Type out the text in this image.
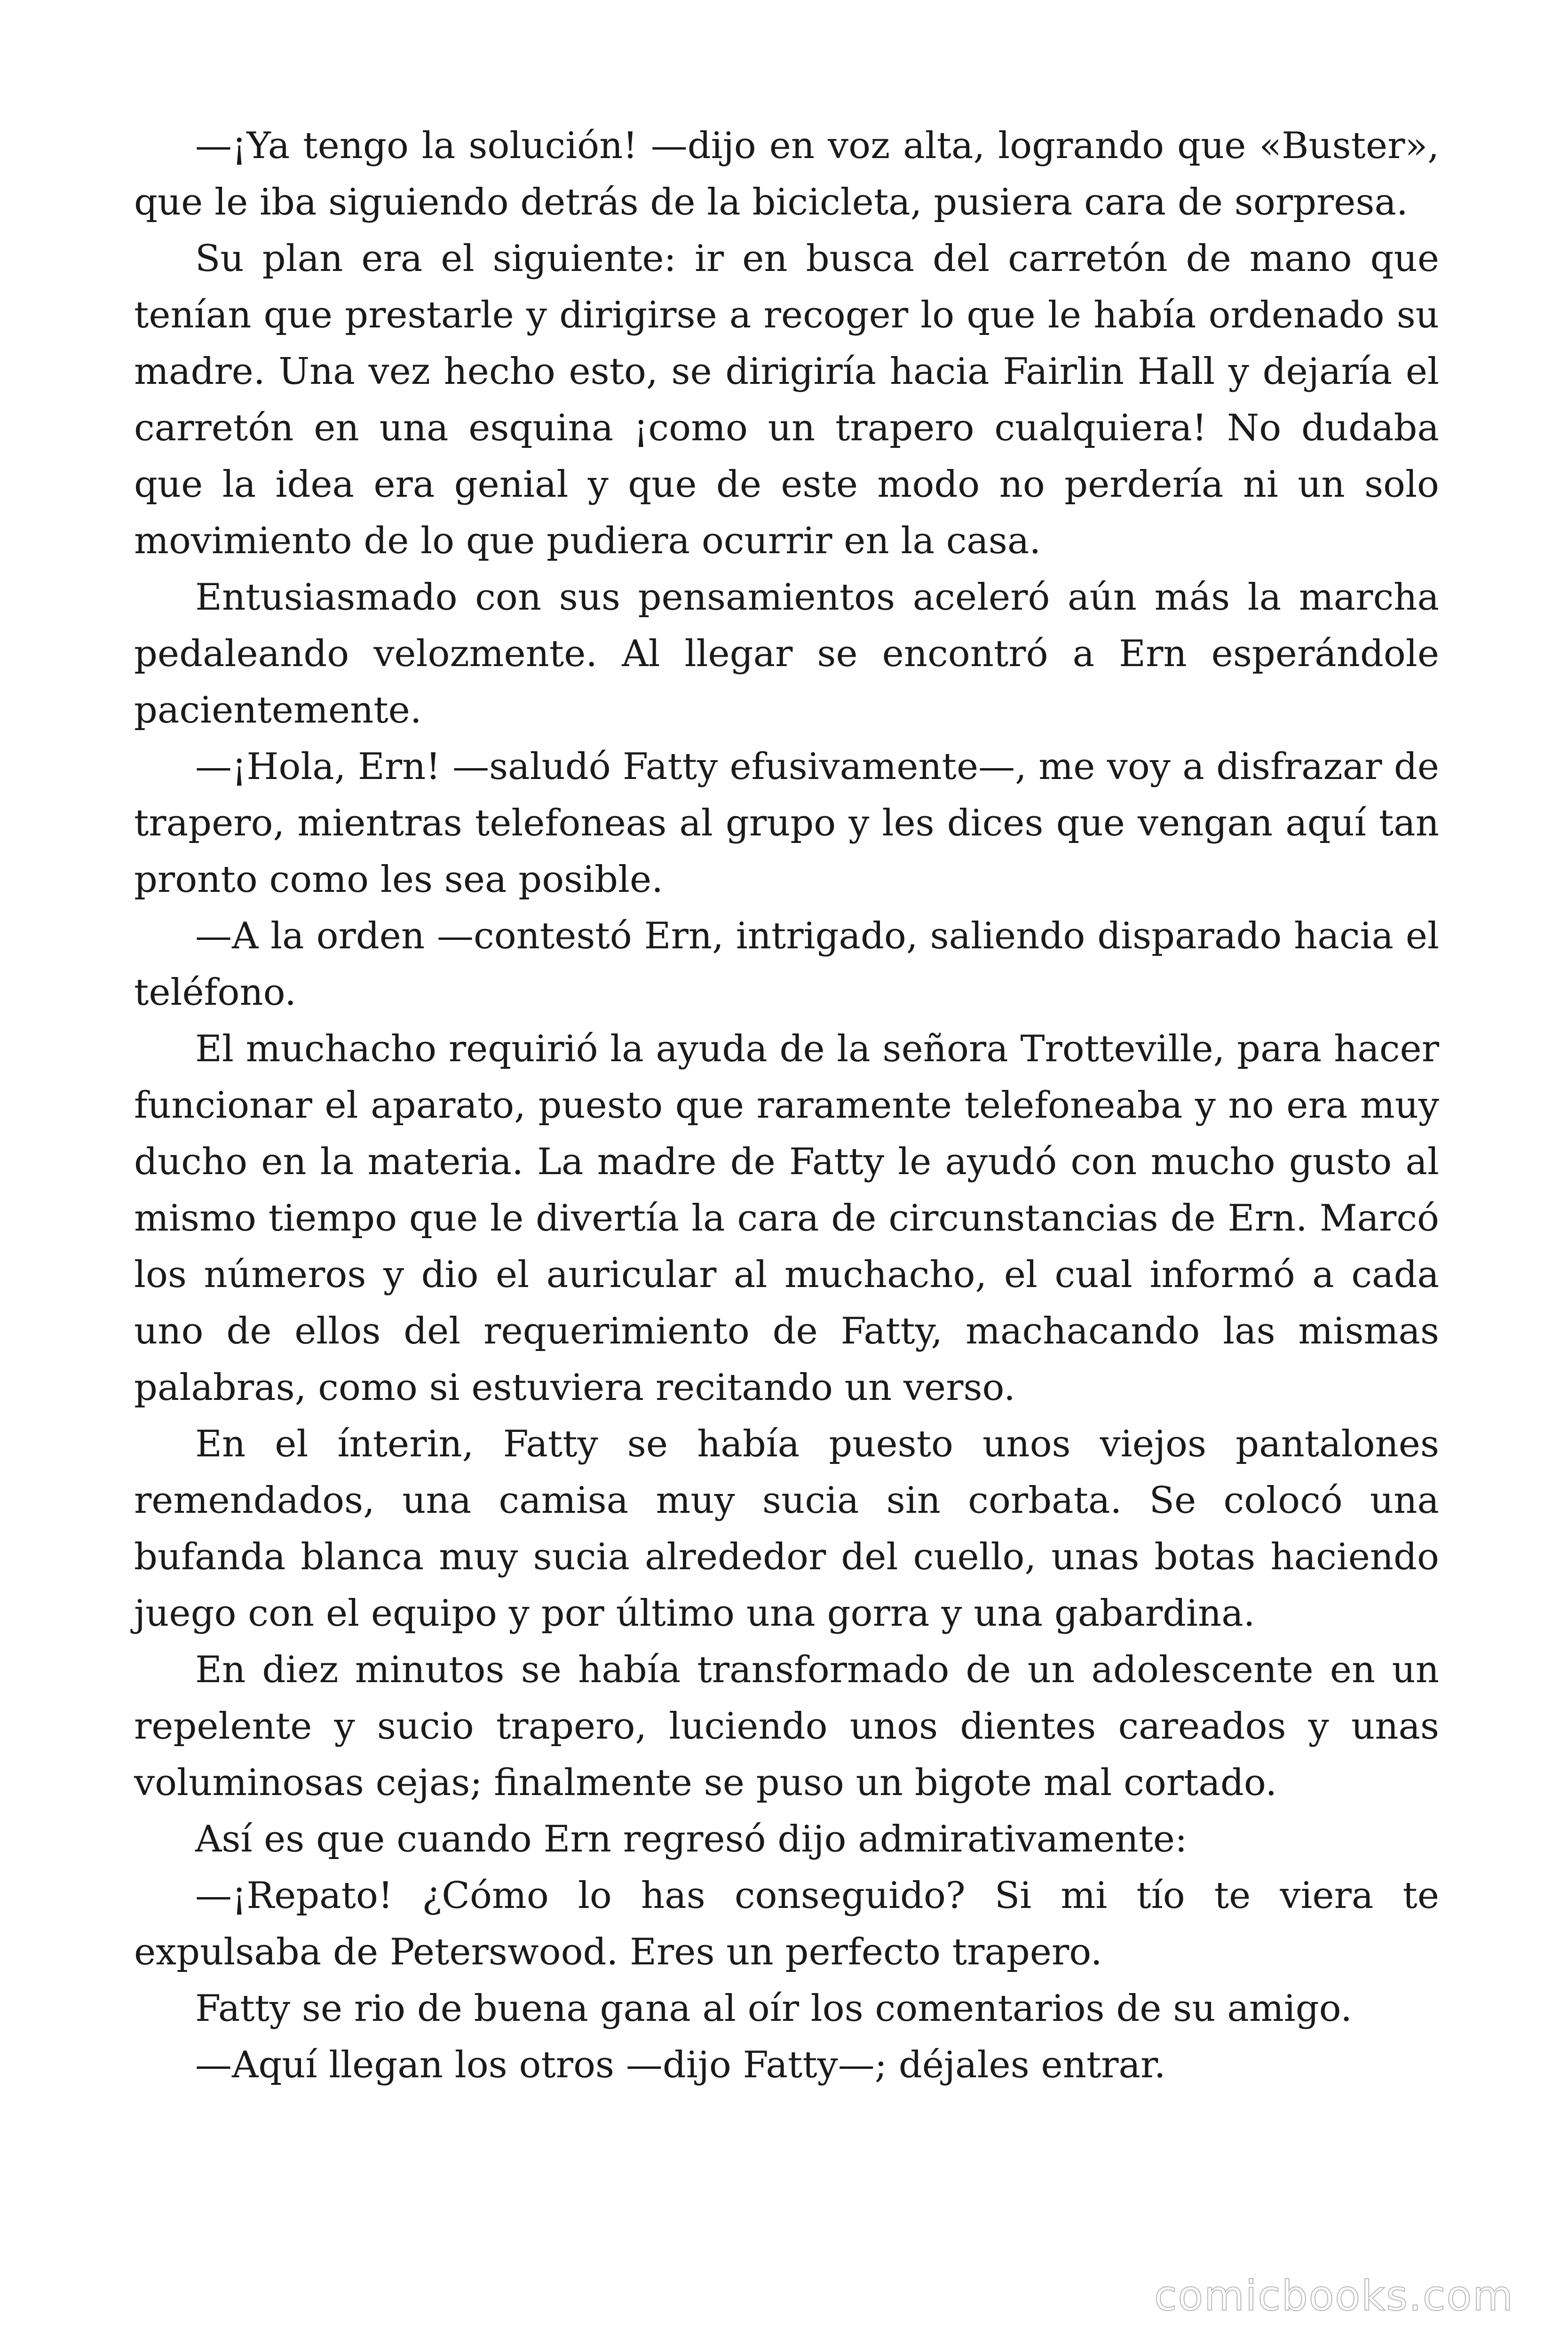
—¡Ya tengo la solución! —dijo en voz alta, logrando que «Buster», que le iba siguiendo detrás de la bicicleta, pusiera cara de sorpresa.

Su plan era el siguiente: ir en busca del carretón de mano que tenían que prestarle y dirigirse a recoger lo que le había ordenado su madre. Una vez hecho esto, se dirigiría hacia Fairlin Hall y dejaría el carretón en una esquina ¡como un trapero cualquiera! No dudaba que la idea era genial y que de este modo no perdería ni un solo movimiento de lo que pudiera ocurrir en la casa.

Entusiasmado con sus pensamientos aceleró aún más la marcha pedaleando velozmente. Al llegar se encontró a Ern esperándole pacientemente.

—¡Hola, Ern! —saludó Fatty efusivamente—, me voy a disfrazar de trapero, mientras telefoneas al grupo y les dices que vengan aquí tan pronto como les sea posible.

—A la orden —contestó Ern, intrigado, saliendo disparado hacia el teléfono.

El muchacho requirió la ayuda de la señora Trotteville, para hacer funcionar el aparato, puesto que raramente telefoneaba y no era muy ducho en la materia. La madre de Fatty le ayudó con mucho gusto al mismo tiempo que le divertía la cara de circunstancias de Ern. Marcó los números y dio el auricular al muchacho, el cual informó a cada uno de ellos del requerimiento de Fatty, machacando las mismas palabras, como si estuviera recitando un verso.

En el ínterin, Fatty se había puesto unos viejos pantalones remendados, una camisa muy sucia sin corbata. Se colocó una bufanda blanca muy sucia alrededor del cuello, unas botas haciendo juego con el equipo y por último una gorra y una gabardina.

En diez minutos se había transformado de un adolescente en un repelente y sucio trapero, luciendo unos dientes careados y unas voluminosas cejas; finalmente se puso un bigote mal cortado.

Así es que cuando Ern regresó dijo admirativamente:

—¡Repato! ¿Cómo lo has conseguido? Si mi tío te viera te expulsaba de Peterswood. Eres un perfecto trapero.

Fatty se rio de buena gana al oír los comentarios de su amigo.

—Aquí llegan los otros —dijo Fatty—; déjales entrar.

comicbooks.com
